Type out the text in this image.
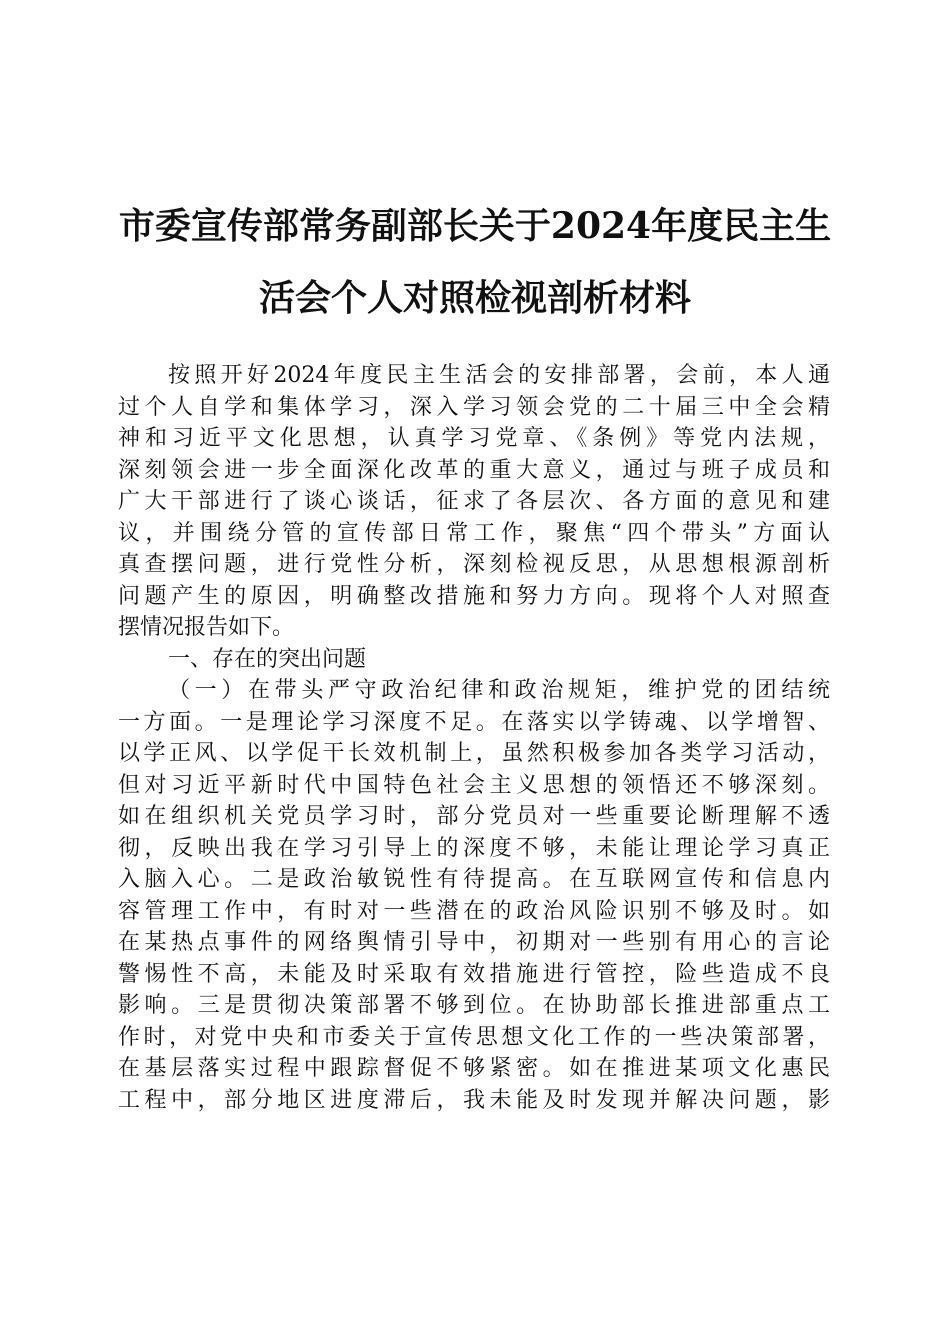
市委宣传部常务副部长关于2024年度民主生
活会个人对照检视剖析材料
按照开好2024年度民主生活会的安排部署，会前，本人通
过个人自学和集体学习，深入学习领会党的二十届三中全会精
神和习近平文化思想，认真学习党章、《条例》等党内法规，
深刻领会进一步全面深化改革的重大意义，通过与班子成员和
广大干部进行了谈心谈话，征求了各层次、各方面的意见和建
议，并围绕分管的宣传部日常工作，聚焦“四个带头”方面认
真查摆问题，进行党性分析，深刻检视反思，从思想根源剖析
问题产生的原因，明确整改措施和努力方向。现将个人对照查
摆情况报告如下。
一、存在的突出问题
（一）在带头严守政治纪律和政治规矩，维护党的团结统
一方面。一是理论学习深度不足。在落实以学铸魂、以学增智、
以学正风、以学促干长效机制上，虽然积极参加各类学习活动，
但对习近平新时代中国特色社会主义思想的领悟还不够深刻。
如在组织机关党员学习时，部分党员对一些重要论断理解不透
彻，反映出我在学习引导上的深度不够，未能让理论学习真正
入脑入心。二是政治敏锐性有待提高。在互联网宣传和信息内
容管理工作中，有时对一些潜在的政治风险识别不够及时。如
在某热点事件的网络舆情引导中，初期对一些别有用心的言论
警惕性不高，未能及时采取有效措施进行管控，险些造成不良
影响。三是贯彻决策部署不够到位。在协助部长推进部重点工
作时，对党中央和市委关于宣传思想文化工作的一些决策部署，
在基层落实过程中跟踪督促不够紧密。如在推进某项文化惠民
工程中，部分地区进度滞后，我未能及时发现并解决问题，影
